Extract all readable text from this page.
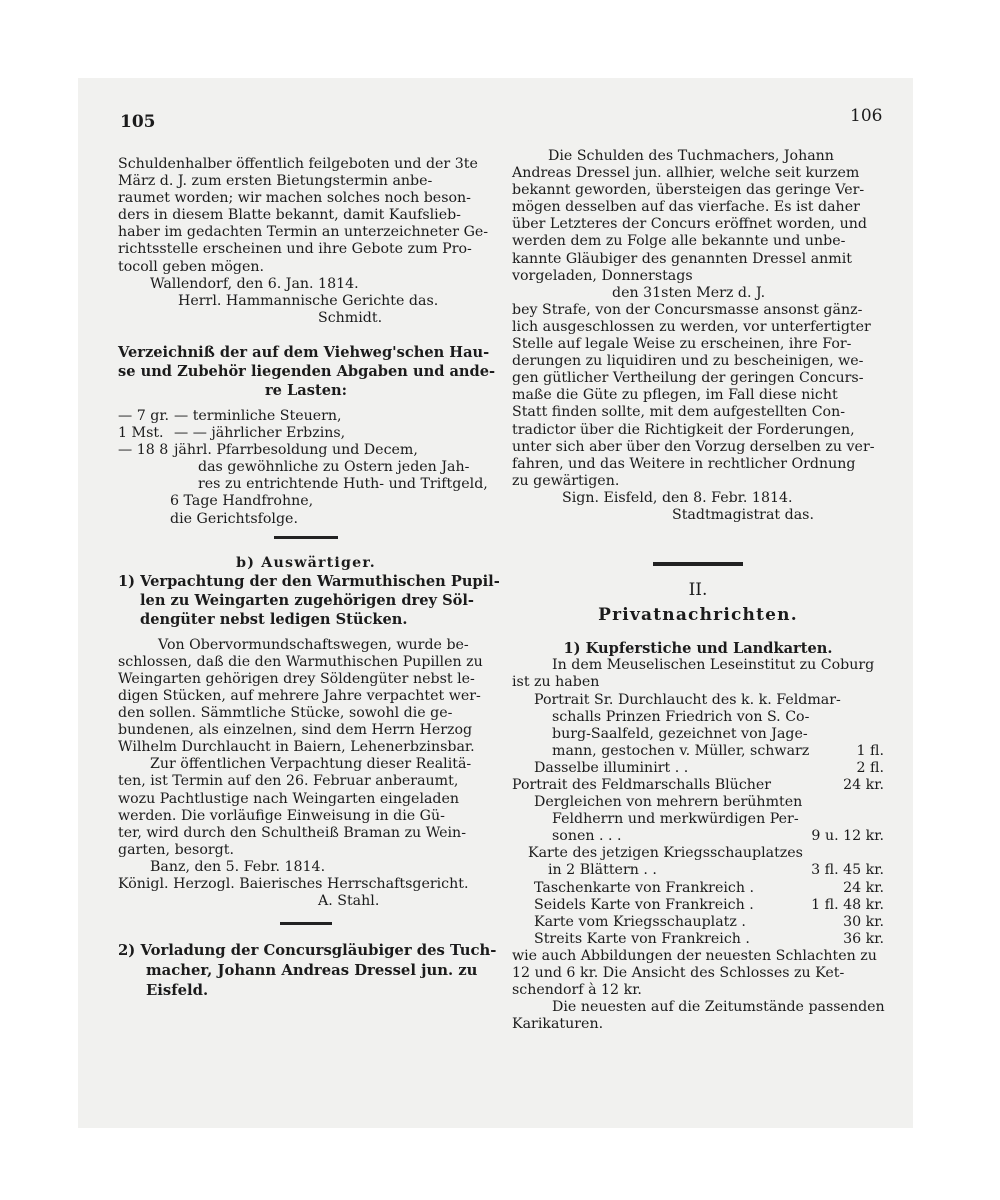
105	106

Schuldenhalber öffentlich feilgeboten und der 3te

März d. J. zum ersten Bietungstermin anbe-

raumet worden; wir machen solches noch beson-

ders in diesem Blatte bekannt, damit Kaufslieb-

haber im gedachten Termin an unterzeichneter Ge-

richtsstelle erscheinen und ihre Gebote zum Pro-

tocoll geben mögen.

Wallendorf, den 6. Jan. 1814.

Herrl. Hammannische Gerichte das.

Schmidt.

Verzeichniß der auf dem Viehweg'schen Hau-

se und Zubehör liegenden Abgaben und ande-

re Lasten:

— 7 gr. — terminliche Steuern,
1 Mst. — — jährlicher Erbzins,
— 18 8 jährl. Pfarrbesoldung und Decem,

das gewöhnliche zu Ostern jeden Jah-

res zu entrichtende Huth- und Triftgeld,

6 Tage Handfrohne,

die Gerichtsfolge.

b) Auswärtiger.

1) Verpachtung der den Warmuthischen Pupil-

len zu Weingarten zugehörigen drey Söl-

dengüter nebst ledigen Stücken.

Von Obervormundschaftswegen, wurde be-

schlossen, daß die den Warmuthischen Pupillen zu

Weingarten gehörigen drey Söldengüter nebst le-

digen Stücken, auf mehrere Jahre verpachtet wer-

den sollen. Sämmtliche Stücke, sowohl die ge-

bundenen, als einzelnen, sind dem Herrn Herzog

Wilhelm Durchlaucht in Baiern, Lehenerbzinsbar.

Zur öffentlichen Verpachtung dieser Realitä-

ten, ist Termin auf den 26. Februar anberaumt,

wozu Pachtlustige nach Weingarten eingeladen

werden. Die vorläufige Einweisung in die Gü-

ter, wird durch den Schultheiß Braman zu Wein-

garten, besorgt.

Banz, den 5. Febr. 1814.

Königl. Herzogl. Baierisches Herrschaftsgericht.

A. Stahl.

2) Vorladung der Concursgläubiger des Tuch-

macher, Johann Andreas Dressel jun. zu

Eisfeld.

Die Schulden des Tuchmachers, Johann

Andreas Dressel jun. allhier, welche seit kurzem

bekannt geworden, übersteigen das geringe Ver-

mögen desselben auf das vierfache. Es ist daher

über Letzteres der Concurs eröffnet worden, und

werden dem zu Folge alle bekannte und unbe-

kannte Gläubiger des genannten Dressel anmit

vorgeladen, Donnerstags

den 31sten Merz d. J.

bey Strafe, von der Concursmasse ansonst gänz-

lich ausgeschlossen zu werden, vor unterfertigter

Stelle auf legale Weise zu erscheinen, ihre For-

derungen zu liquidiren und zu bescheinigen, we-

gen gütlicher Vertheilung der geringen Concurs-

maße die Güte zu pflegen, im Fall diese nicht

Statt finden sollte, mit dem aufgestellten Con-

tradictor über die Richtigkeit der Forderungen,

unter sich aber über den Vorzug derselben zu ver-

fahren, und das Weitere in rechtlicher Ordnung

zu gewärtigen.

Sign. Eisfeld, den 8. Febr. 1814.

Stadtmagistrat das.

II.

Privatnachrichten.

1) Kupferstiche und Landkarten.

In dem Meuselischen Leseinstitut zu Coburg

ist zu haben

Portrait Sr. Durchlaucht des k. k. Feldmar-
schalls Prinzen Friedrich von S. Co-
burg-Saalfeld, gezeichnet von Jage-
mann, gestochen v. Müller, schwarz	1 fl.
Dasselbe illuminirt . .	2 fl.
Portrait des Feldmarschalls Blücher	24 kr.
Dergleichen von mehrern berühmten
Feldherrn und merkwürdigen Per-
sonen . . .	9 u. 12 kr.
Karte des jetzigen Kriegsschauplatzes
in 2 Blättern . .	3 fl. 45 kr.
Taschenkarte von Frankreich .	24 kr.
Seidels Karte von Frankreich .	1 fl. 48 kr.
Karte vom Kriegsschauplatz .	30 kr.
Streits Karte von Frankreich .	36 kr.

wie auch Abbildungen der neuesten Schlachten zu

12 und 6 kr. Die Ansicht des Schlosses zu Ket-

schendorf à 12 kr.

Die neuesten auf die Zeitumstände passenden

Karikaturen.
